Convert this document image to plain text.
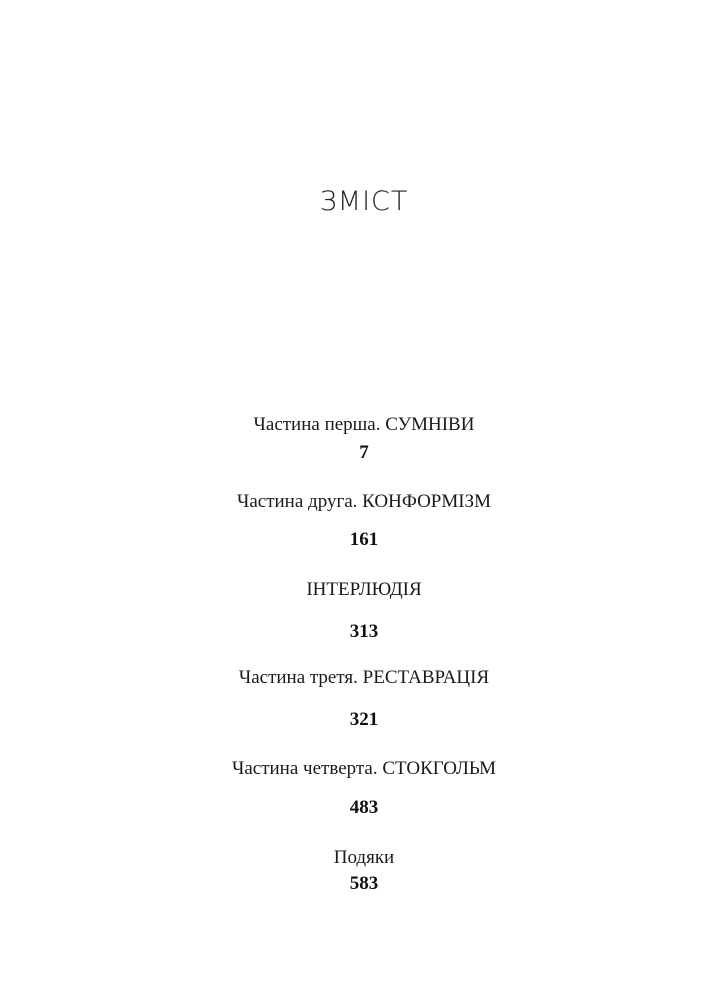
ЗМІСТ
Частина перша. СУМНІВИ
7
Частина друга. КОНФОРМІЗМ
161
ІНТЕРЛЮДІЯ
313
Частина третя. РЕСТАВРАЦІЯ
321
Частина четверта. СТОКГОЛЬМ
483
Подяки
583
